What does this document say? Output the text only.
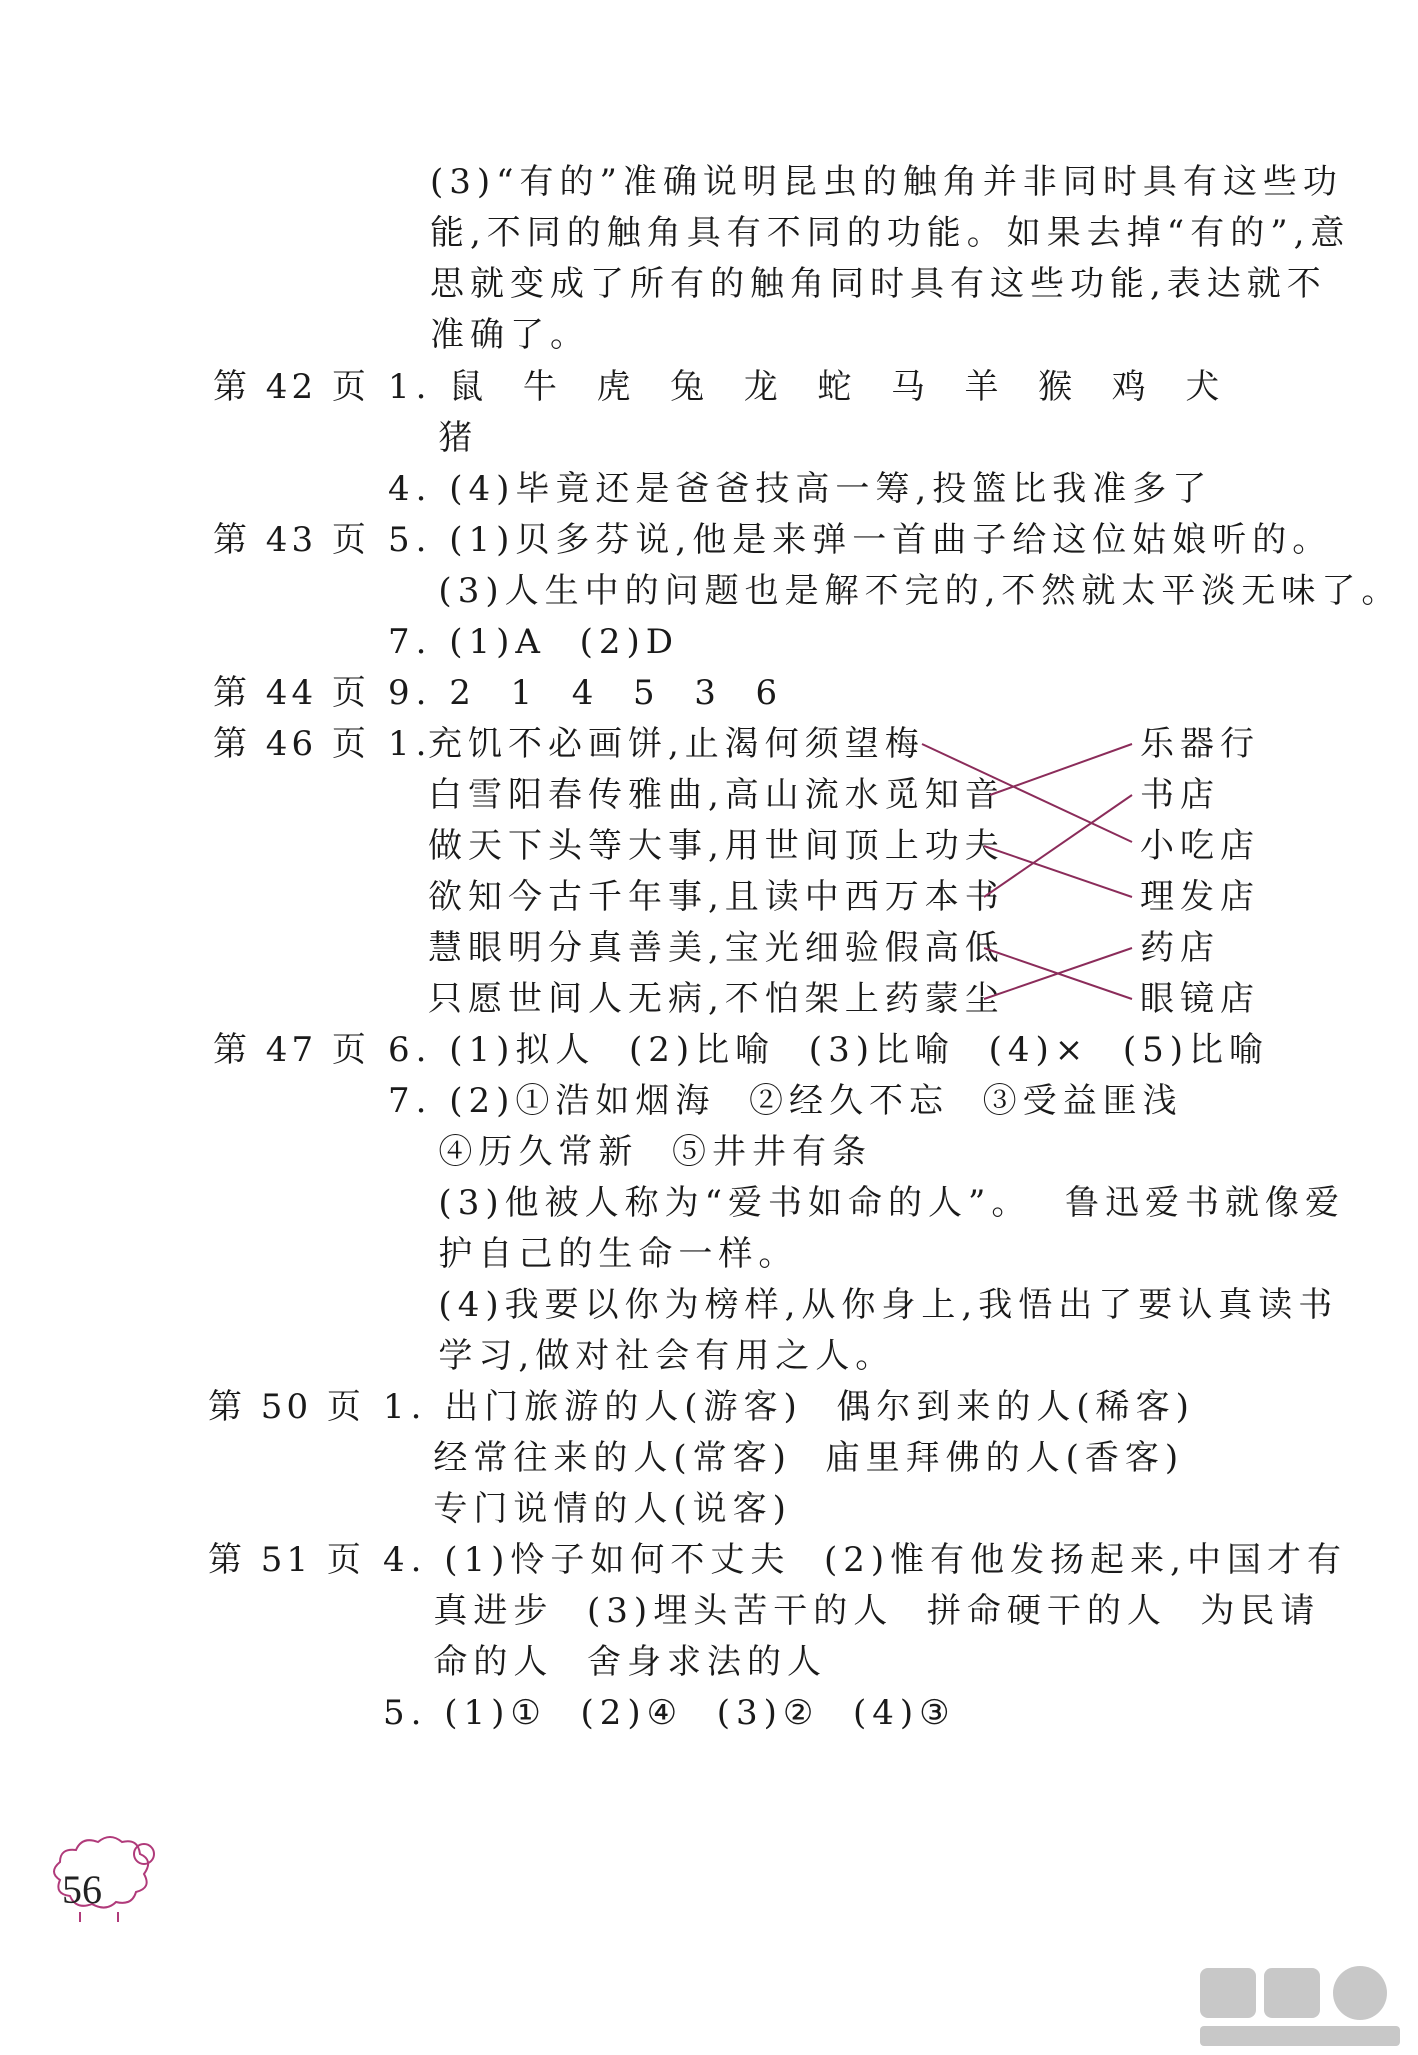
(3)“有的”准确说明昆虫的触角并非同时具有这些功
能,不同的触角具有不同的功能。如果去掉“有的”,意
思就变成了所有的触角同时具有这些功能,表达就不
准确了。
第 42 页 1. 鼠  牛  虎  兔  龙  蛇  马  羊  猴  鸡  犬
猪
4. (4)毕竟还是爸爸技高一筹,投篮比我准多了
第 43 页 5. (1)贝多芬说,他是来弹一首曲子给这位姑娘听的。
(3)人生中的问题也是解不完的,不然就太平淡无味了。
7. (1)A  (2)D
第 44 页 9. 2  1  4  5  3  6
第 46 页 1.
充饥不必画饼,止渴何须望梅
白雪阳春传雅曲,高山流水觅知音
做天下头等大事,用世间顶上功夫
欲知今古千年事,且读中西万本书
慧眼明分真善美,宝光细验假高低
只愿世间人无病,不怕架上药蒙尘
乐器行
书店
小吃店
理发店
药店
眼镜店
第 47 页 6. (1)拟人  (2)比喻  (3)比喻  (4)×  (5)比喻
7. (2)①浩如烟海  ②经久不忘  ③受益匪浅
④历久常新  ⑤井井有条
(3)他被人称为“爱书如命的人”。  鲁迅爱书就像爱
护自己的生命一样。
(4)我要以你为榜样,从你身上,我悟出了要认真读书
学习,做对社会有用之人。
第 50 页 1. 出门旅游的人(游客)  偶尔到来的人(稀客)
经常往来的人(常客)  庙里拜佛的人(香客)
专门说情的人(说客)
第 51 页 4. (1)怜子如何不丈夫  (2)惟有他发扬起来,中国才有
真进步  (3)埋头苦干的人  拼命硬干的人  为民请
命的人  舍身求法的人
5. (1)①  (2)④  (3)②  (4)③
56
